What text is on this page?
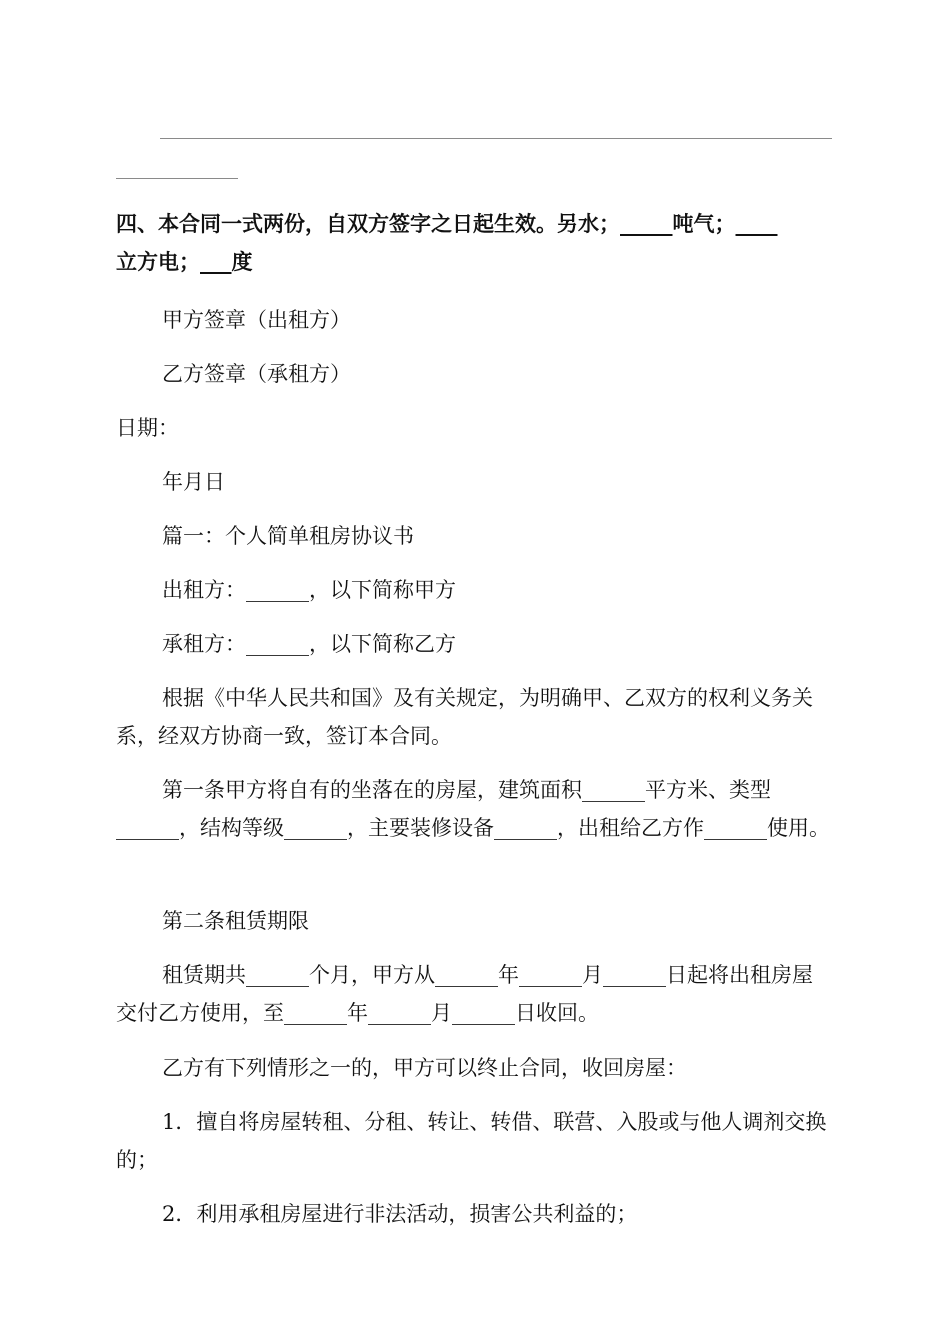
四、本合同一式两份，自双方签字之日起生效。另水；_____吨气；____

立方电；___度

甲方签章（出租方）

乙方签章（承租方）

日期：

年月日

篇一：个人简单租房协议书

出租方：______，以下简称甲方

承租方：______，以下简称乙方

根据《中华人民共和国》及有关规定，为明确甲、乙双方的权利义务关系，经双方协商一致，签订本合同。

第一条甲方将自有的坐落在的房屋，建筑面积______平方米、类型______，结构等级______，主要装修设备______，出租给乙方作______使用。

第二条租赁期限

租赁期共______个月，甲方从______年______月______日起将出租房屋交付乙方使用，至______年______月______日收回。

乙方有下列情形之一的，甲方可以终止合同，收回房屋：

1．擅自将房屋转租、分租、转让、转借、联营、入股或与他人调剂交换的；

2．利用承租房屋进行非法活动，损害公共利益的；
